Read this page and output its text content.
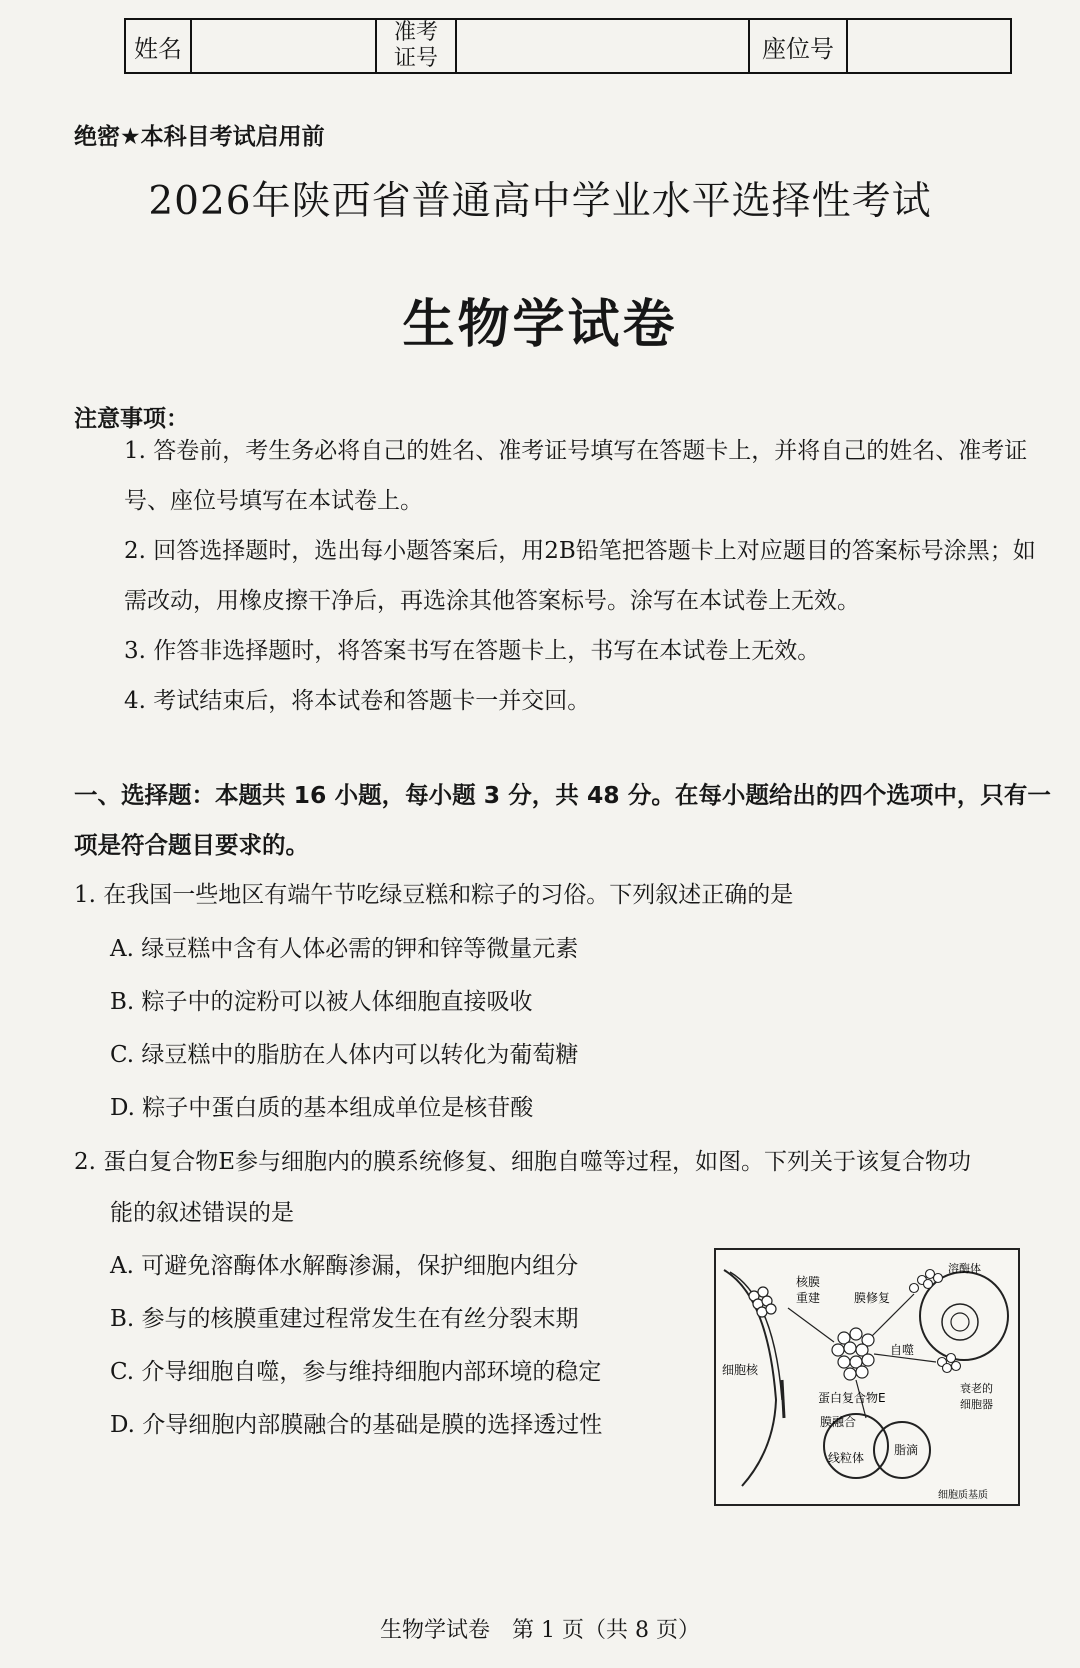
姓名
准考
证号	座位号
绝密★本科目考试启用前
2026年陕西省普通高中学业水平选择性考试
生物学试卷
注意事项：
1. 答卷前，考生务必将自己的姓名、准考证号填写在答题卡上，并将自己的姓名、准考证号、座位号填写在本试卷上。
2. 回答选择题时，选出每小题答案后，用2B铅笔把答题卡上对应题目的答案标号涂黑；如需改动，用橡皮擦干净后，再选涂其他答案标号。涂写在本试卷上无效。
3. 作答非选择题时，将答案书写在答题卡上，书写在本试卷上无效。
4. 考试结束后，将本试卷和答题卡一并交回。
一、选择题：本题共 16 小题，每小题 3 分，共 48 分。在每小题给出的四个选项中，只有一项是符合题目要求的。
1. 在我国一些地区有端午节吃绿豆糕和粽子的习俗。下列叙述正确的是
A. 绿豆糕中含有人体必需的钾和锌等微量元素
B. 粽子中的淀粉可以被人体细胞直接吸收
C. 绿豆糕中的脂肪在人体内可以转化为葡萄糖
D. 粽子中蛋白质的基本组成单位是核苷酸
2. 蛋白复合物E参与细胞内的膜系统修复、细胞自噬等过程，如图。下列关于该复合物功
能的叙述错误的是
A. 可避免溶酶体水解酶渗漏，保护细胞内组分
B. 参与的核膜重建过程常发生在有丝分裂末期
C. 介导细胞自噬，参与维持细胞内部环境的稳定
D. 介导细胞内部膜融合的基础是膜的选择透过性
核膜
重建	膜修复
溶酶体
自噬
细胞核
衰老的
细胞器
蛋白复合物E
膜融合
线粒体
脂滴
细胞质基质
生物学试卷　第 1 页（共 8 页）
